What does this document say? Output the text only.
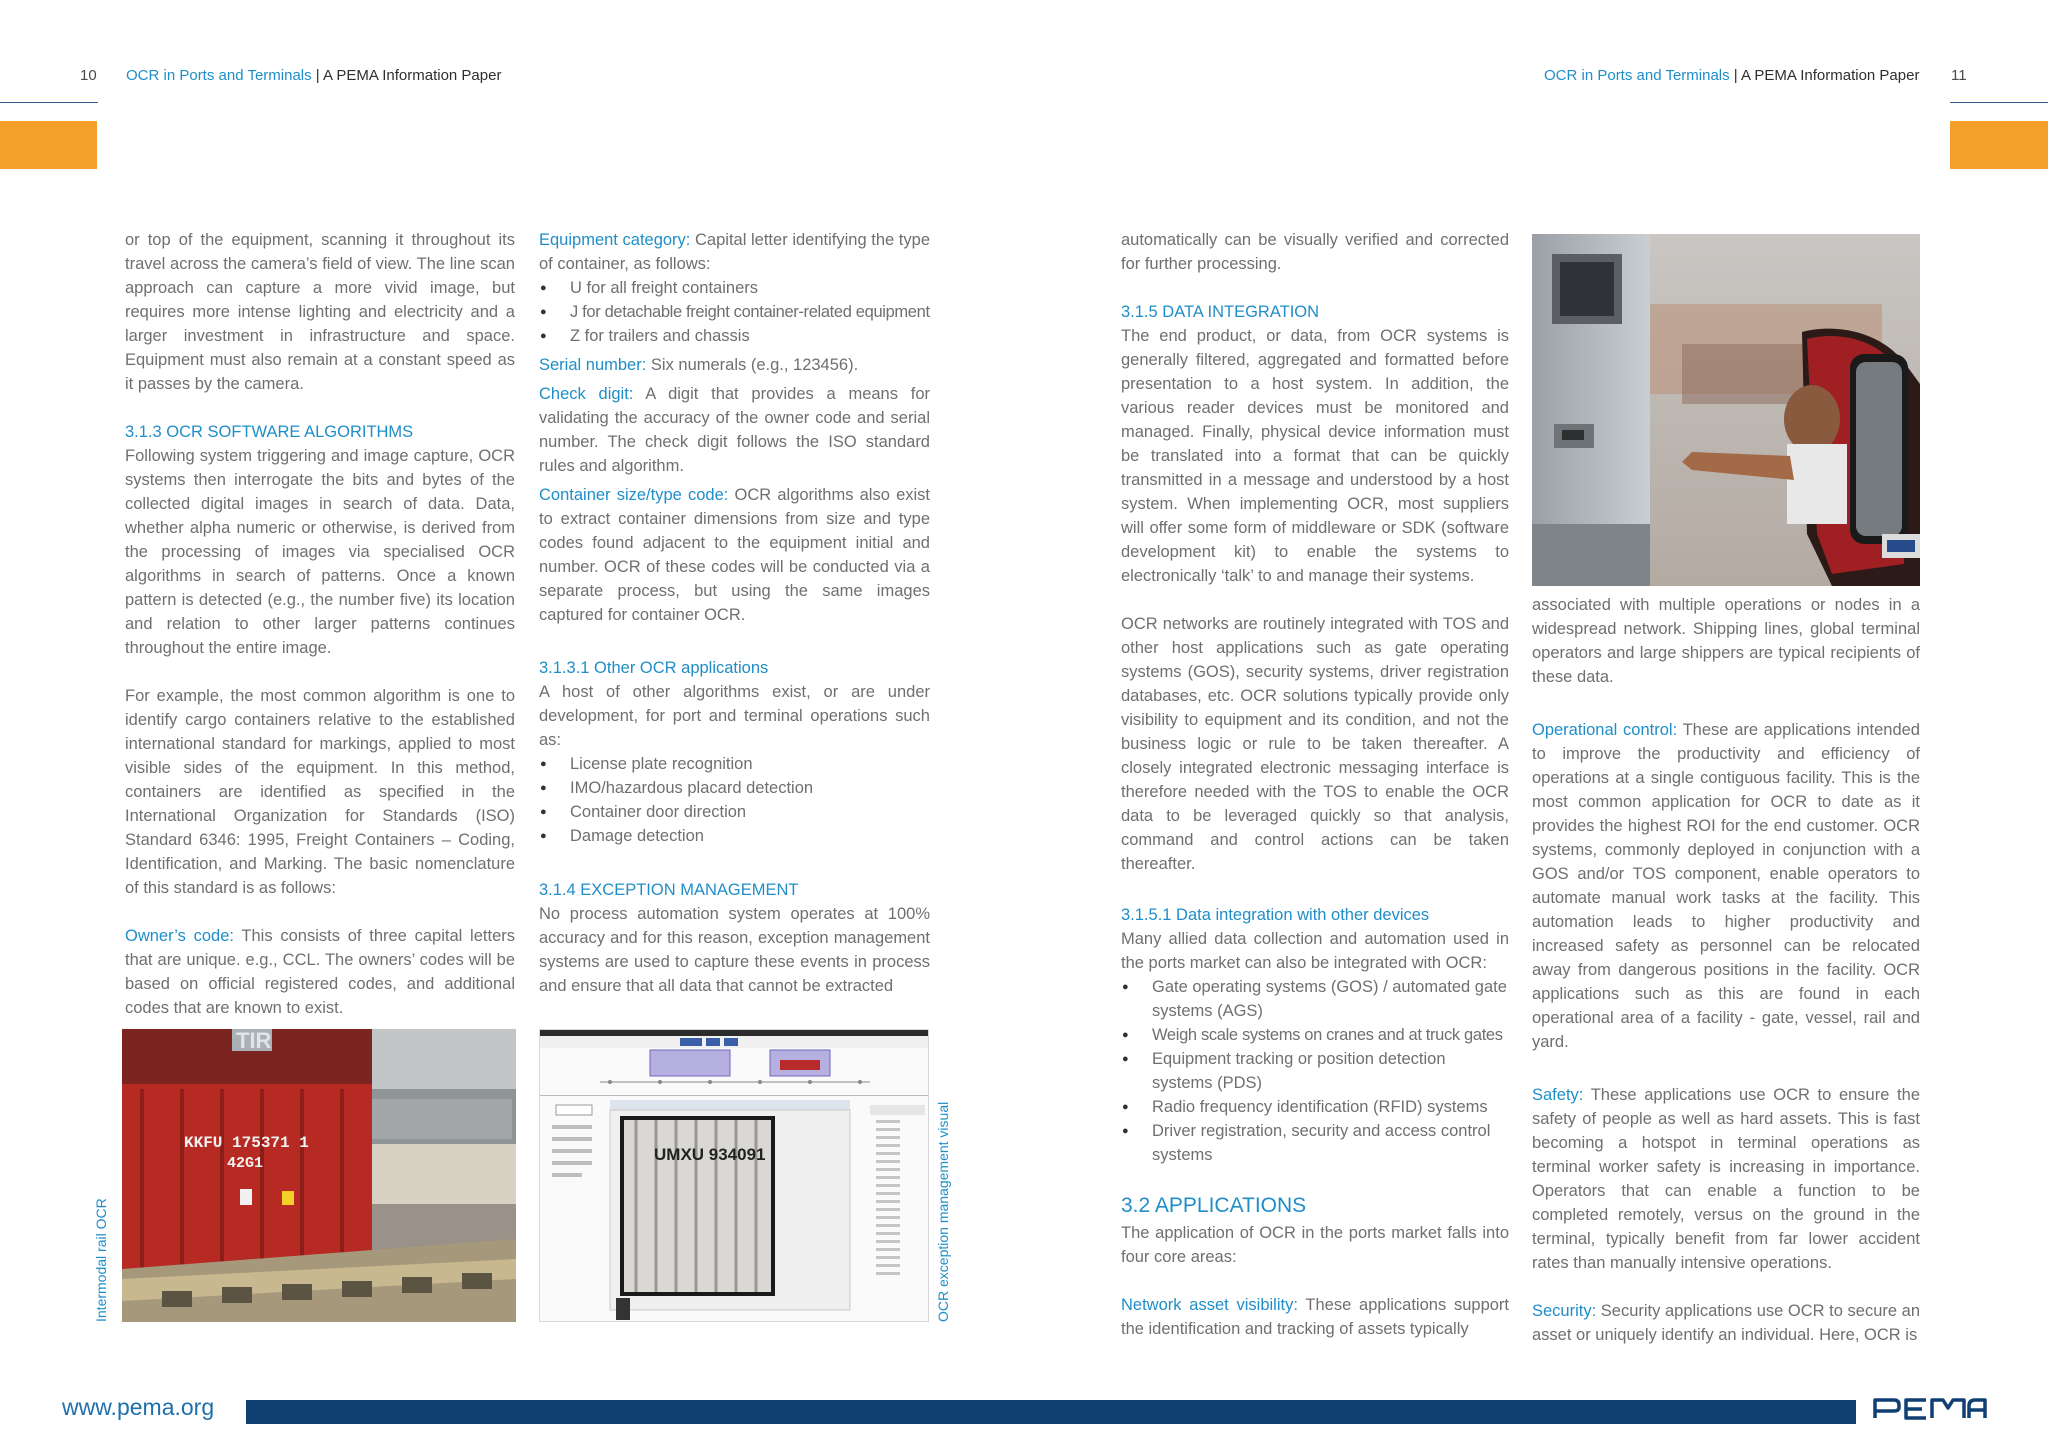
10 OCR in Ports and Terminals | A PEMA Information Paper	OCR in Ports and Terminals | A PEMA Information Paper 11

or top of the equipment, scanning it throughout its travel across the camera’s field of view. The line scan approach can capture a more vivid image, but requires more intense lighting and electricity and a larger investment in infrastructure and space. Equipment must also remain at a constant speed as it passes by the camera.

3.1.3 OCR SOFTWARE ALGORITHMS

Following system triggering and image capture, OCR systems then interrogate the bits and bytes of the collected digital images in search of data. Data, whether alpha numeric or otherwise, is derived from the processing of images via specialised OCR algorithms in search of patterns. Once a known pattern is detected (e.g., the number five) its location and relation to other larger patterns continues throughout the entire image.

For example, the most common algorithm is one to identify cargo containers relative to the established international standard for markings, applied to most visible sides of the equipment. In this method, containers are identified as specified in the International Organization for Standards (ISO) Standard 6346: 1995, Freight Containers – Coding, Identification, and Marking. The basic nomenclature of this standard is as follows:

Owner’s code: This consists of three capital letters that are unique. e.g., CCL. The owners’ codes will be based on official registered codes, and additional codes that are known to exist.

Equipment category: Capital letter identifying the type of container, as follows:

● U for all freight containers
● J for detachable freight container-related equipment
● Z for trailers and chassis

Serial number: Six numerals (e.g., 123456).

Check digit: A digit that provides a means for validating the accuracy of the owner code and serial number. The check digit follows the ISO standard rules and algorithm.

Container size/type code: OCR algorithms also exist to extract container dimensions from size and type codes found adjacent to the equipment initial and number. OCR of these codes will be conducted via a separate process, but using the same images captured for container OCR.

3.1.3.1 Other OCR applications

A host of other algorithms exist, or are under development, for port and terminal operations such as:

● License plate recognition
● IMO/hazardous placard detection
● Container door direction
● Damage detection

3.1.4 EXCEPTION MANAGEMENT

No process automation system operates at 100% accuracy and for this reason, exception management systems are used to capture these events in process and ensure that all data that cannot be extracted

automatically can be visually verified and corrected for further processing.

3.1.5 DATA INTEGRATION

The end product, or data, from OCR systems is generally filtered, aggregated and formatted before presentation to a host system. In addition, the various reader devices must be monitored and managed. Finally, physical device information must be translated into a format that can be quickly transmitted in a message and understood by a host system. When implementing OCR, most suppliers will offer some form of middleware or SDK (software development kit) to enable the systems to electronically ‘talk’ to and manage their systems.

OCR networks are routinely integrated with TOS and other host applications such as gate operating systems (GOS), security systems, driver registration databases, etc. OCR solutions typically provide only visibility to equipment and its condition, and not the business logic or rule to be taken thereafter. A closely integrated electronic messaging interface is therefore needed with the TOS to enable the OCR data to be leveraged quickly so that analysis, command and control actions can be taken thereafter.

3.1.5.1 Data integration with other devices

Many allied data collection and automation used in the ports market can also be integrated with OCR:

● Gate operating systems (GOS) / automated gate systems (AGS)
● Weigh scale systems on cranes and at truck gates
● Equipment tracking or position detection systems (PDS)
● Radio frequency identification (RFID) systems
● Driver registration, security and access control systems

3.2 APPLICATIONS

The application of OCR in the ports market falls into four core areas:

Network asset visibility: These applications support the identification and tracking of assets typically

associated with multiple operations or nodes in a widespread network. Shipping lines, global terminal operators and large shippers are typical recipients of these data.

Operational control: These are applications intended to improve the productivity and efficiency of operations at a single contiguous facility. This is the most common application for OCR to date as it provides the highest ROI for the end customer. OCR systems, commonly deployed in conjunction with a GOS and/or TOS component, enable operators to automate manual work tasks at the facility. This automation leads to higher productivity and increased safety as personnel can be relocated away from dangerous positions in the facility. OCR applications such as this are found in each operational area of a facility - gate, vessel, rail and yard.

Safety: These applications use OCR to ensure the safety of people as well as hard assets. This is fast becoming a hotspot in terminal operations as terminal worker safety is increasing in importance. Operators that can enable a function to be completed remotely, versus on the ground in the terminal, typically benefit from far lower accident rates than manually intensive operations.

Security: Security applications use OCR to secure an asset or uniquely identify an individual. Here, OCR is

TIR
KKFU 175371 1
42G1
Intermodal rail OCR
UMXU 934091	OCR exception management visual
www.pema.org
